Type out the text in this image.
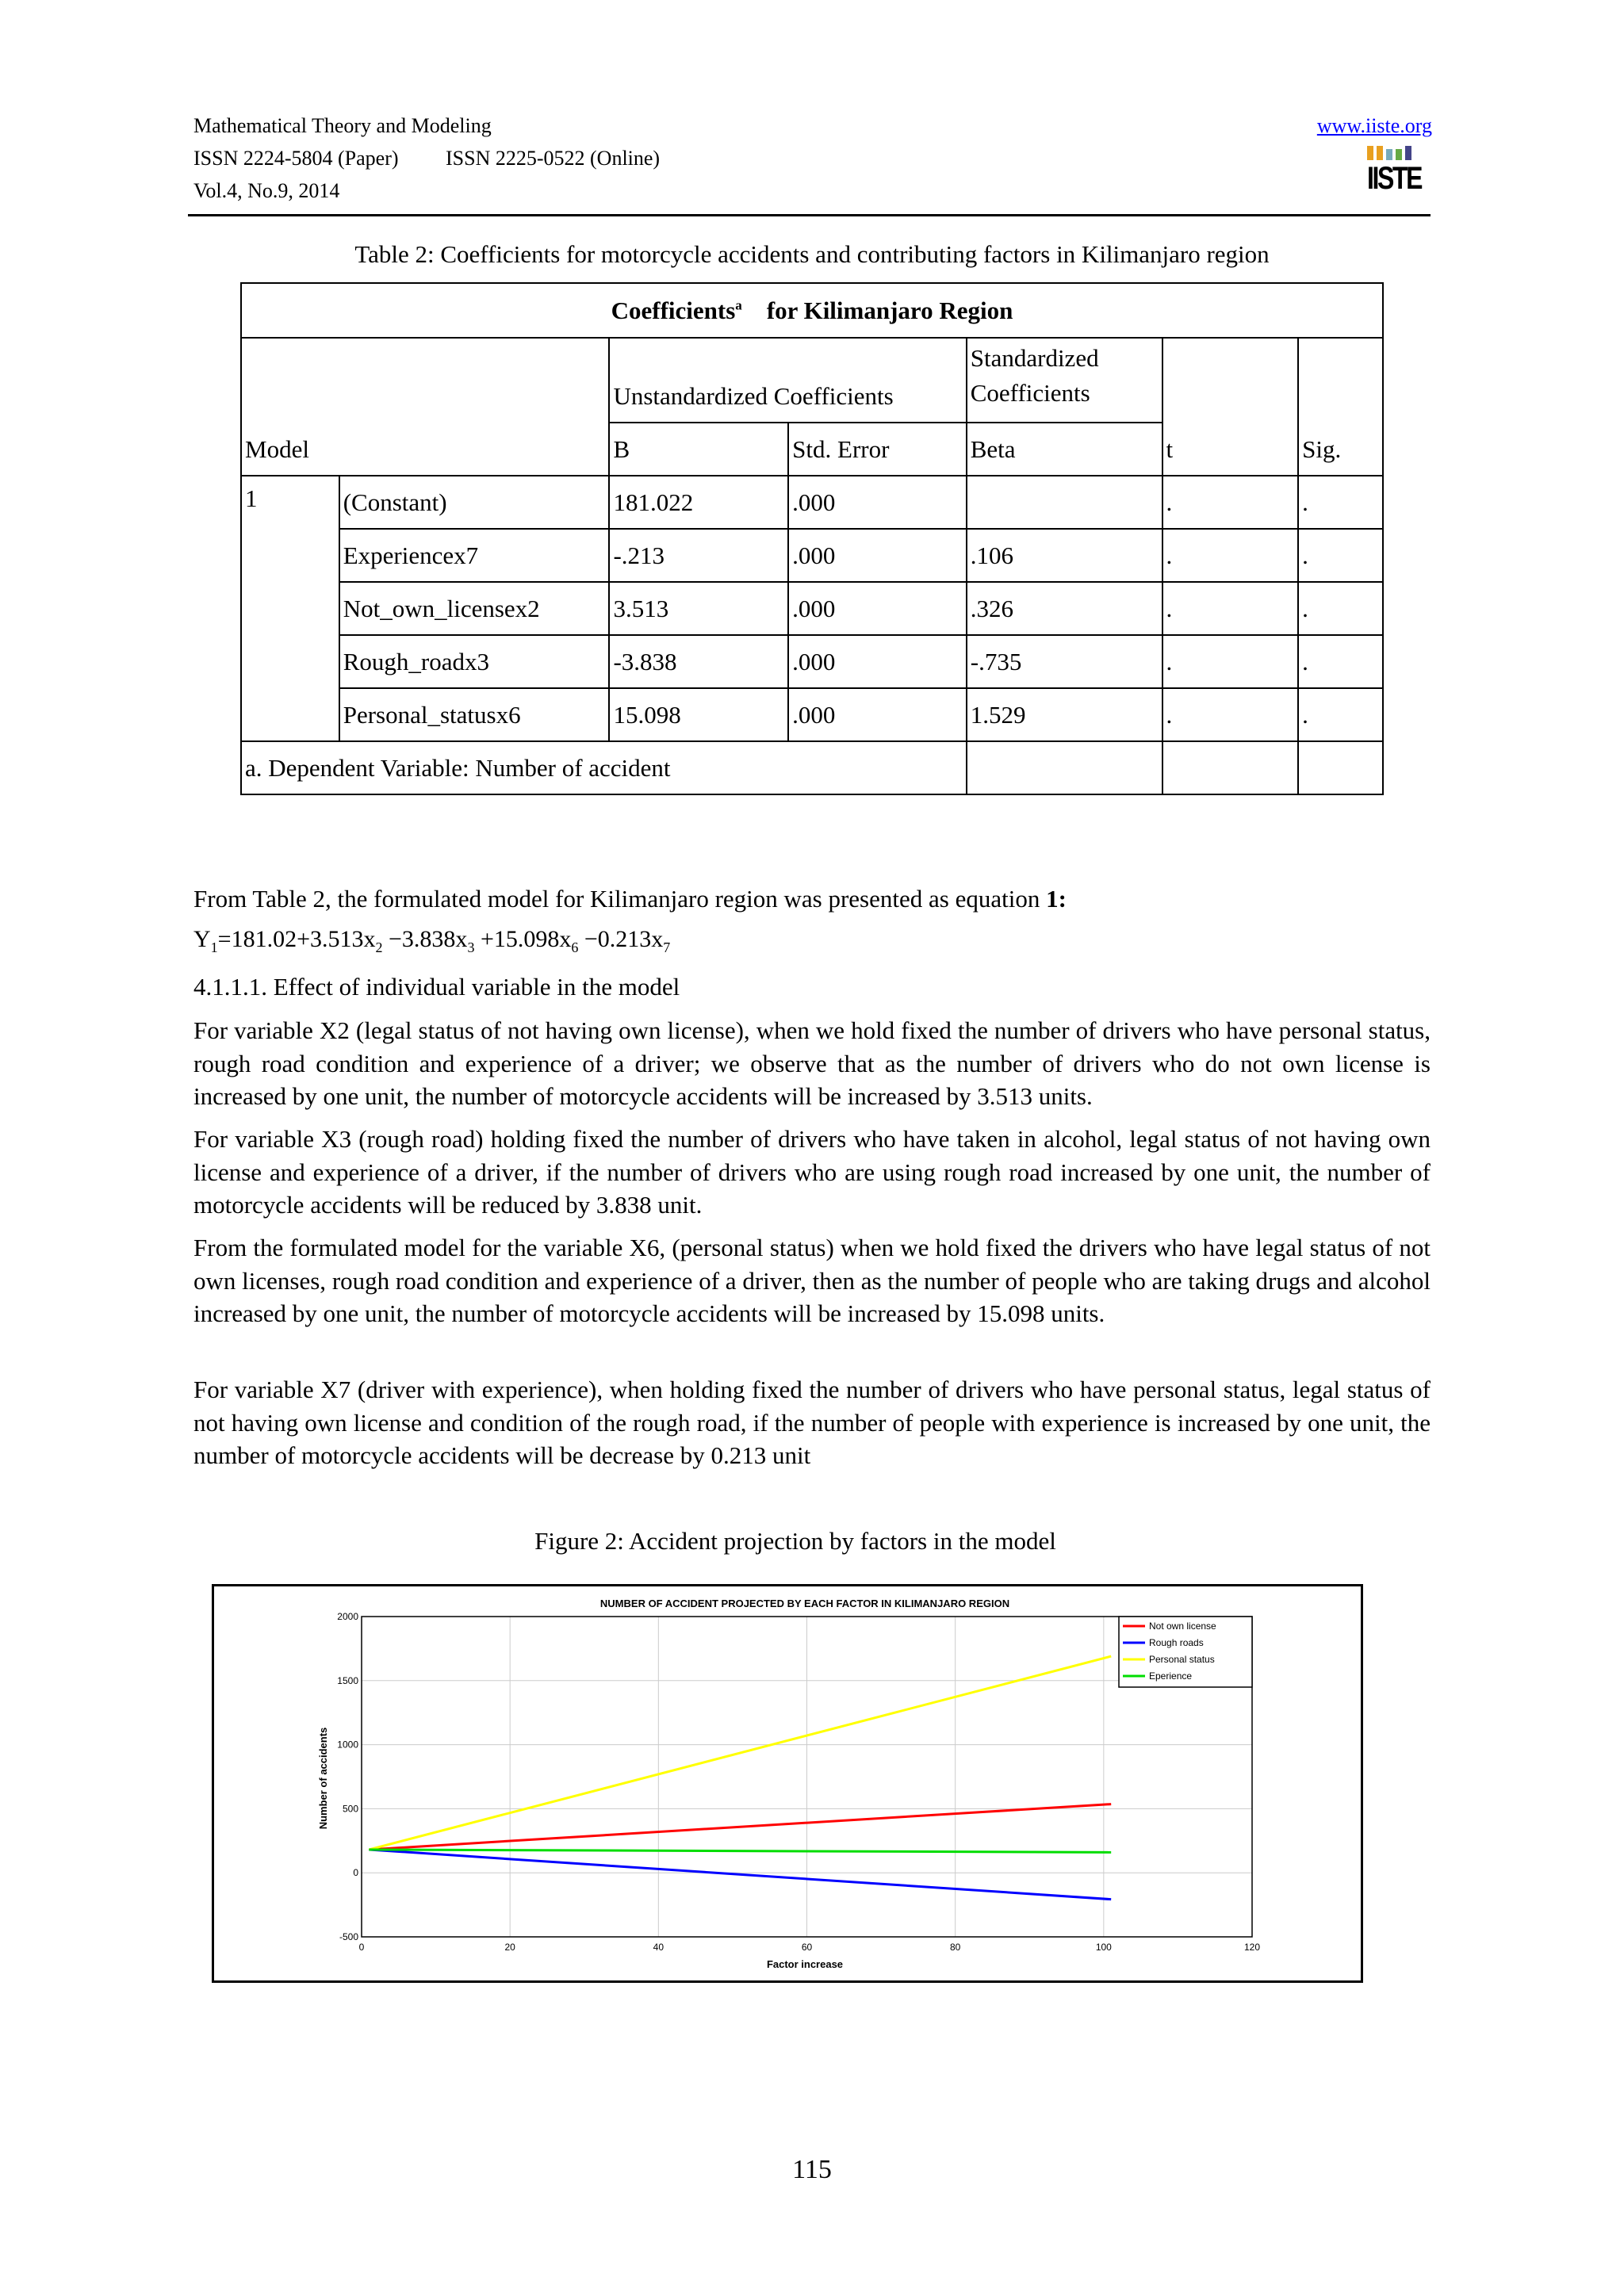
Mathematical Theory and Modeling
ISSN 2224-5804 (Paper) ISSN 2225-0522 (Online)
Vol.4, No.9, 2014
www.iiste.org
IISTE
Table 2: Coefficients for motorcycle accidents and contributing factors in Kilimanjaro region
Coefficients$^a$ for Kilimanjaro Region						
Model		Unstandardized Coefficients		Standardized Coefficients	t	Sig.
		B	Std. Error	Beta		
1	(Constant)	181.022	.000		.	.
	Experiencex7	-.213	.000	.106	.	.
	Not_own_licensex2	3.513	.000	.326	.	.
	Rough_roadx3	-3.838	.000	-.735	.	.
	Personal_statusx6	15.098	.000	1.529	.	.
a. Dependent Variable: Number of accident						
From Table 2, the formulated model for Kilimanjaro region was presented as equation 1:
$Y_1=181.02+3.513x_2 -3.838x_3 +15.098x_6 -0.213x_7$
4.1.1.1. Effect of individual variable in the model
For variable X2 (legal status of not having own license), when we hold fixed the number of drivers who have personal status, rough road condition and experience of a driver; we observe that as the number of drivers who do not own license is increased by one unit, the number of motorcycle accidents will be increased by 3.513 units.
For variable X3 (rough road) holding fixed the number of drivers who have taken in alcohol, legal status of not having own license and experience of a driver, if the number of drivers who are using rough road increased by one unit, the number of motorcycle accidents will be reduced by 3.838 unit.
From the formulated model for the variable X6, (personal status) when we hold fixed the drivers who have legal status of not own licenses, rough road condition and experience of a driver, then as the number of people who are taking drugs and alcohol increased by one unit, the number of motorcycle accidents will be increased by 15.098 units.
For variable X7 (driver with experience), when holding fixed the number of drivers who have personal status, legal status of not having own license and condition of the rough road, if the number of people with experience is increased by one unit, the number of motorcycle accidents will be decrease by 0.213 unit
Figure 2: Accident projection by factors in the model
NUMBER OF ACCIDENT PROJECTED BY EACH FACTOR IN KILIMANJARO REGION
Factor increase
Number of accidents
0	20	40	60	80	100	120
-500
0
500
1000
1500
2000
Not own license
Rough roads
Personal status
Eperience
115
